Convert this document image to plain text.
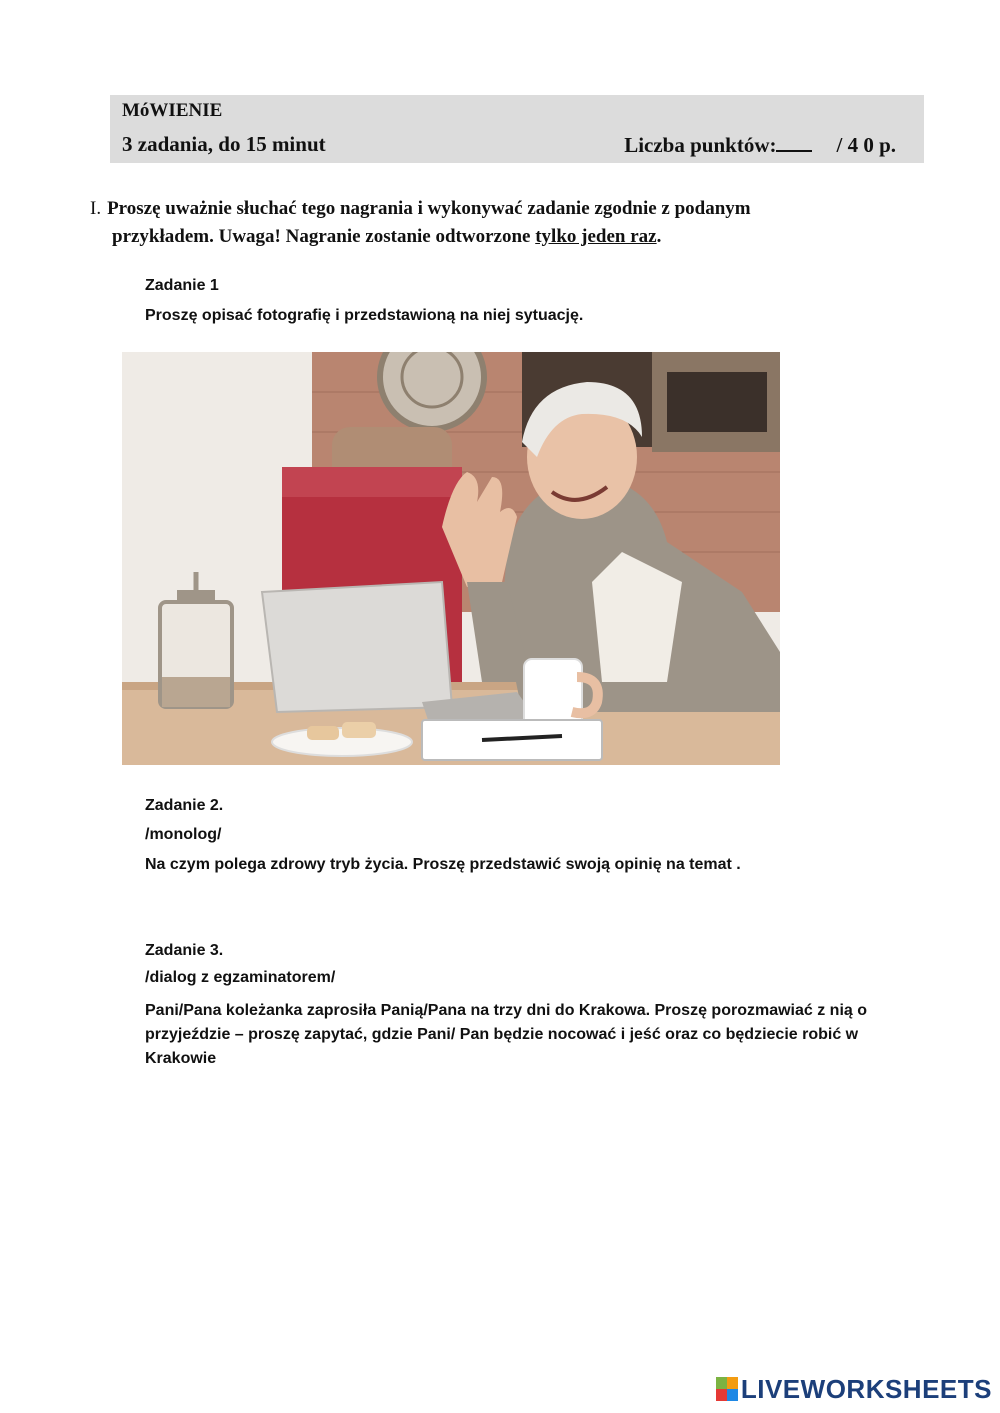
MóWIENIE
3 zadania, do 15 minut	Liczba punktów:	/ 4 0 p.
I. Proszę uważnie słuchać tego nagrania i wykonywać zadanie zgodnie z podanym
przykładem. Uwaga! Nagranie zostanie odtworzone tylko jeden raz.
Zadanie 1
Proszę opisać fotografię i przedstawioną na niej sytuację.
Zadanie 2.
/monolog/
Na czym polega zdrowy tryb życia. Proszę przedstawić swoją opinię na temat .
Zadanie 3.
/dialog z egzaminatorem/
Pani/Pana koleżanka zaprosiła Panią/Pana na trzy dni do Krakowa. Proszę porozmawiać z nią o przyjeździe – proszę zapytać, gdzie Pani/ Pan będzie nocować i jeść oraz co będziecie robić w Krakowie
LIVEWORKSHEETS
